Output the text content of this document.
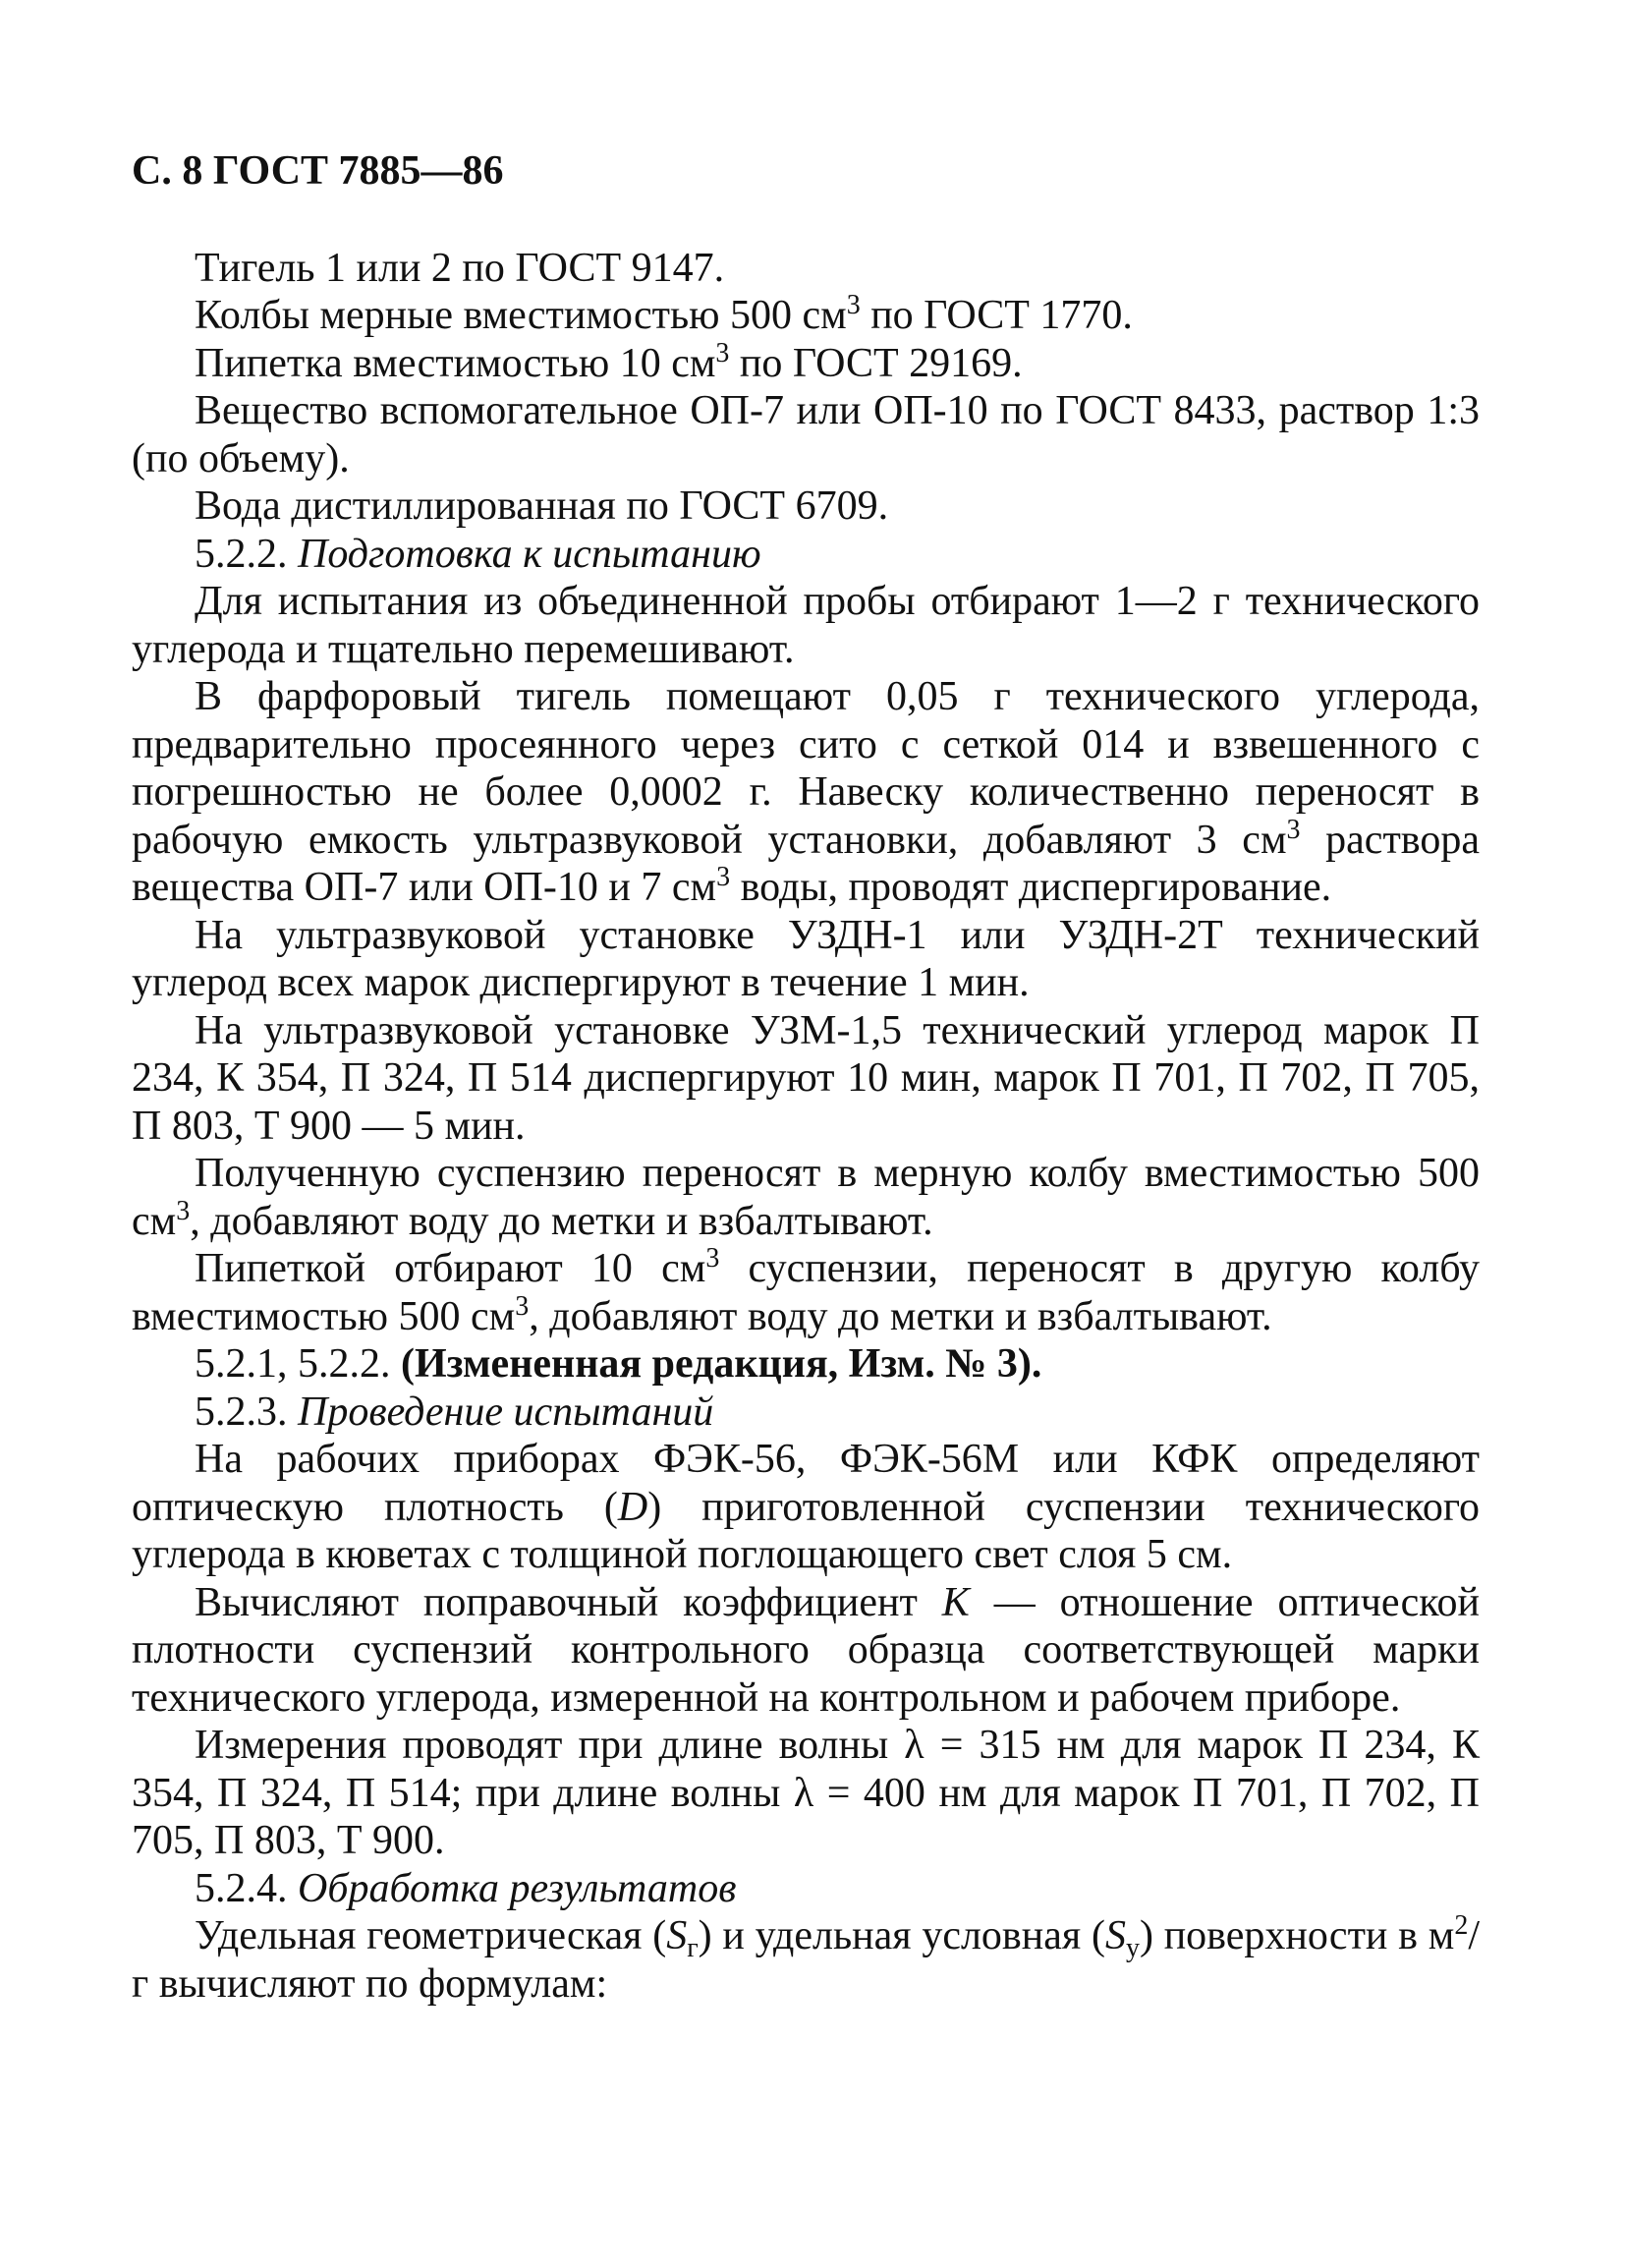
С. 8 ГОСТ 7885—86

Тигель 1 или 2 по ГОСТ 9147.

Колбы мерные вместимостью 500 $см^3$ по ГОСТ 1770.

Пипетка вместимостью 10 $см^3$ по ГОСТ 29169.

Вещество вспомогательное ОП-7 или ОП-10 по ГОСТ 8433, раствор 1:3 (по объему).

Вода дистиллированная по ГОСТ 6709.

5.2.2. Подготовка к испытанию

Для испытания из объединенной пробы отбирают 1—2 г технического углерода и тщательно перемешивают.

В фарфоровый тигель помещают 0,05 г технического углерода, предварительно просеянного через сито с сеткой 014 и взвешенного с погрешностью не более 0,0002 г. Навеску количественно переносят в рабочую емкость ультразвуковой установки, добавляют 3 $см^3$ раствора вещества ОП-7 или ОП-10 и 7 $см^3$ воды, проводят диспергирование.

На ультразвуковой установке УЗДН-1 или УЗДН-2Т технический углерод всех марок диспергируют в течение 1 мин.

На ультразвуковой установке УЗМ-1,5 технический углерод марок П 234, К 354, П 324, П 514 диспергируют 10 мин, марок П 701, П 702, П 705, П 803, Т 900 — 5 мин.

Полученную суспензию переносят в мерную колбу вместимостью 500 $см^3$, добавляют воду до метки и взбалтывают.

Пипеткой отбирают 10 $см^3$ суспензии, переносят в другую колбу вместимостью 500 $см^3$, добавляют воду до метки и взбалтывают.

5.2.1, 5.2.2. (Измененная редакция, Изм. № 3).

5.2.3. Проведение испытаний

На рабочих приборах ФЭК-56, ФЭК-56М или КФК определяют оптическую плотность (D) приготовленной суспензии технического углерода в кюветах с толщиной поглощающего свет слоя 5 см.

Вычисляют поправочный коэффициент K — отношение оптической плотности суспензий контрольного образца соответствующей марки технического углерода, измеренной на контрольном и рабочем приборе.

Измерения проводят при длине волны λ = 315 нм для марок П 234, К 354, П 324, П 514; при длине волны λ = 400 нм для марок П 701, П 702, П 705, П 803, Т 900.

5.2.4. Обработка результатов

Удельная геометрическая $(S_г)$ и удельная условная $(S_у)$ поверхности в $м^2/г$ вычисляют по формулам:
